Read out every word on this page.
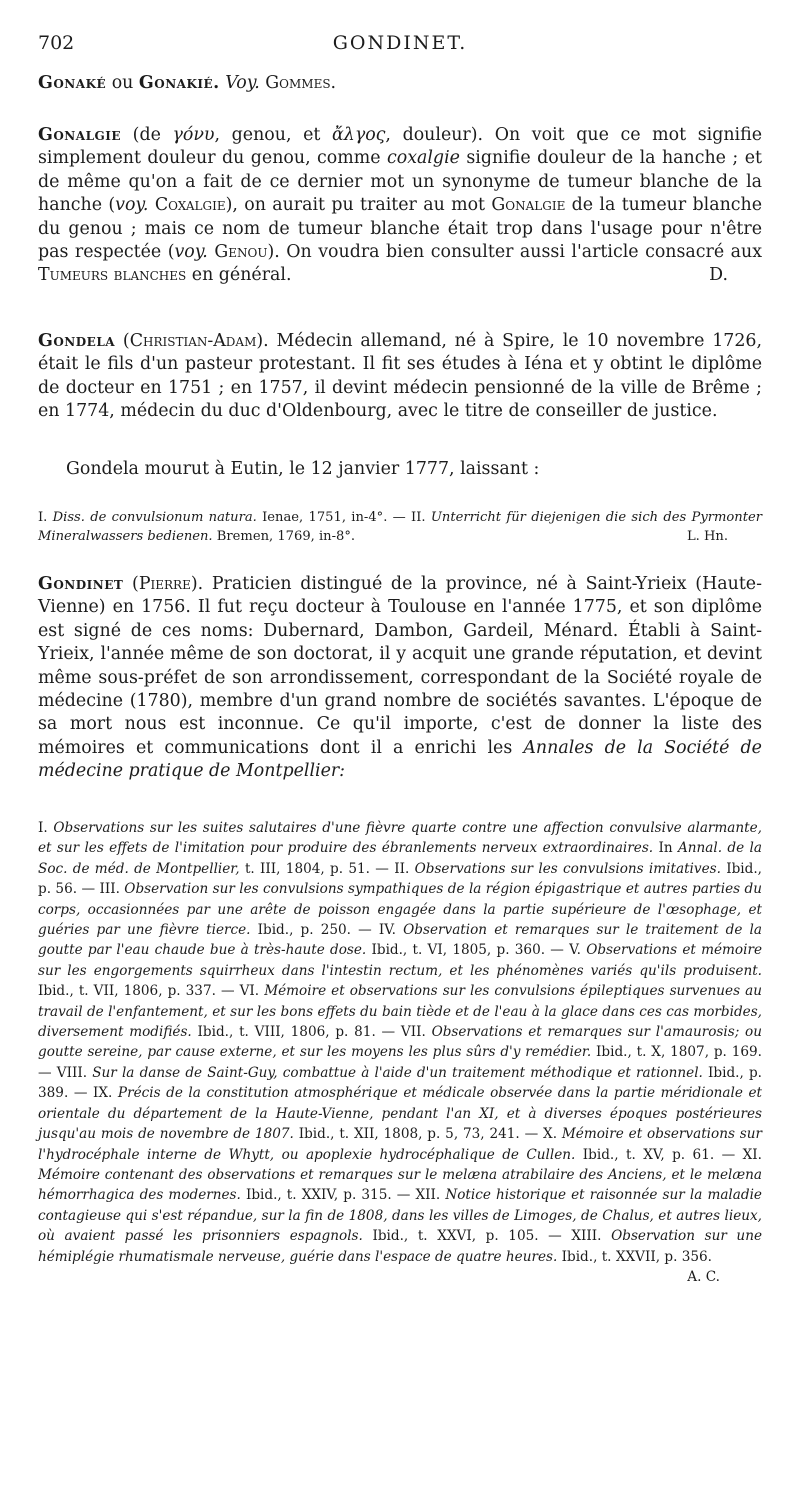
702	GONDINET.

Gonaké ou Gonakié. Voy. Gommes.

Gonalgie (de γόνυ, genou, et ἄλγος, douleur). On voit que ce mot signifie simplement douleur du genou, comme coxalgie signifie douleur de la hanche ; et de même qu'on a fait de ce dernier mot un synonyme de tumeur blanche de la hanche (voy. Coxalgie), on aurait pu traiter au mot Gonalgie de la tumeur blanche du genou ; mais ce nom de tumeur blanche était trop dans l'usage pour n'être pas respectée (voy. Genou). On voudra bien consulter aussi l'article consacré aux Tumeurs blanches en général.	D.

Gondela (Christian-Adam). Médecin allemand, né à Spire, le 10 novembre 1726, était le fils d'un pasteur protestant. Il fit ses études à Iéna et y obtint le diplôme de docteur en 1751 ; en 1757, il devint médecin pensionné de la ville de Brême ; en 1774, médecin du duc d'Oldenbourg, avec le titre de conseiller de justice.

Gondela mourut à Eutin, le 12 janvier 1777, laissant :

I. Diss. de convulsionum natura. Ienae, 1751, in-4°. — II. Unterricht für diejenigen die sich des Pyrmonter Mineralwassers bedienen. Bremen, 1769, in-8°.	L. Hn.

Gondinet (Pierre). Praticien distingué de la province, né à Saint-Yrieix (Haute-Vienne) en 1756. Il fut reçu docteur à Toulouse en l'année 1775, et son diplôme est signé de ces noms: Dubernard, Dambon, Gardeil, Ménard. Établi à Saint-Yrieix, l'année même de son doctorat, il y acquit une grande réputation, et devint même sous-préfet de son arrondissement, correspondant de la Société royale de médecine (1780), membre d'un grand nombre de sociétés savantes. L'époque de sa mort nous est inconnue. Ce qu'il importe, c'est de donner la liste des mémoires et communications dont il a enrichi les Annales de la Société de médecine pratique de Montpellier:

I. Observations sur les suites salutaires d'une fièvre quarte contre une affection convulsive alarmante, et sur les effets de l'imitation pour produire des ébranlements nerveux extraordinaires. In Annal. de la Soc. de méd. de Montpellier, t. III, 1804, p. 51. — II. Observations sur les convulsions imitatives. Ibid., p. 56. — III. Observation sur les convulsions sympathiques de la région épigastrique et autres parties du corps, occasionnées par une arête de poisson engagée dans la partie supérieure de l'œsophage, et guéries par une fièvre tierce. Ibid., p. 250. — IV. Observation et remarques sur le traitement de la goutte par l'eau chaude bue à très-haute dose. Ibid., t. VI, 1805, p. 360. — V. Observations et mémoire sur les engorgements squirrheux dans l'intestin rectum, et les phénomènes variés qu'ils produisent. Ibid., t. VII, 1806, p. 337. — VI. Mémoire et observations sur les convulsions épileptiques survenues au travail de l'enfantement, et sur les bons effets du bain tiède et de l'eau à la glace dans ces cas morbides, diversement modifiés. Ibid., t. VIII, 1806, p. 81. — VII. Observations et remarques sur l'amaurosis; ou goutte sereine, par cause externe, et sur les moyens les plus sûrs d'y remédier. Ibid., t. X, 1807, p. 169. — VIII. Sur la danse de Saint-Guy, combattue à l'aide d'un traitement méthodique et rationnel. Ibid., p. 389. — IX. Précis de la constitution atmosphérique et médicale observée dans la partie méridionale et orientale du département de la Haute-Vienne, pendant l'an XI, et à diverses époques postérieures jusqu'au mois de novembre de 1807. Ibid., t. XII, 1808, p. 5, 73, 241. — X. Mémoire et observations sur l'hydrocéphale interne de Whytt, ou apoplexie hydrocéphalique de Cullen. Ibid., t. XV, p. 61. — XI. Mémoire contenant des observations et remarques sur le melæna atrabilaire des Anciens, et le melæna hémorrhagica des modernes. Ibid., t. XXIV, p. 315. — XII. Notice historique et raisonnée sur la maladie contagieuse qui s'est répandue, sur la fin de 1808, dans les villes de Limoges, de Chalus, et autres lieux, où avaient passé les prisonniers espagnols. Ibid., t. XXVI, p. 105. — XIII. Observation sur une hémiplégie rhumatismale nerveuse, guérie dans l'espace de quatre heures. Ibid., t. XXVII, p. 356.
A. C.
